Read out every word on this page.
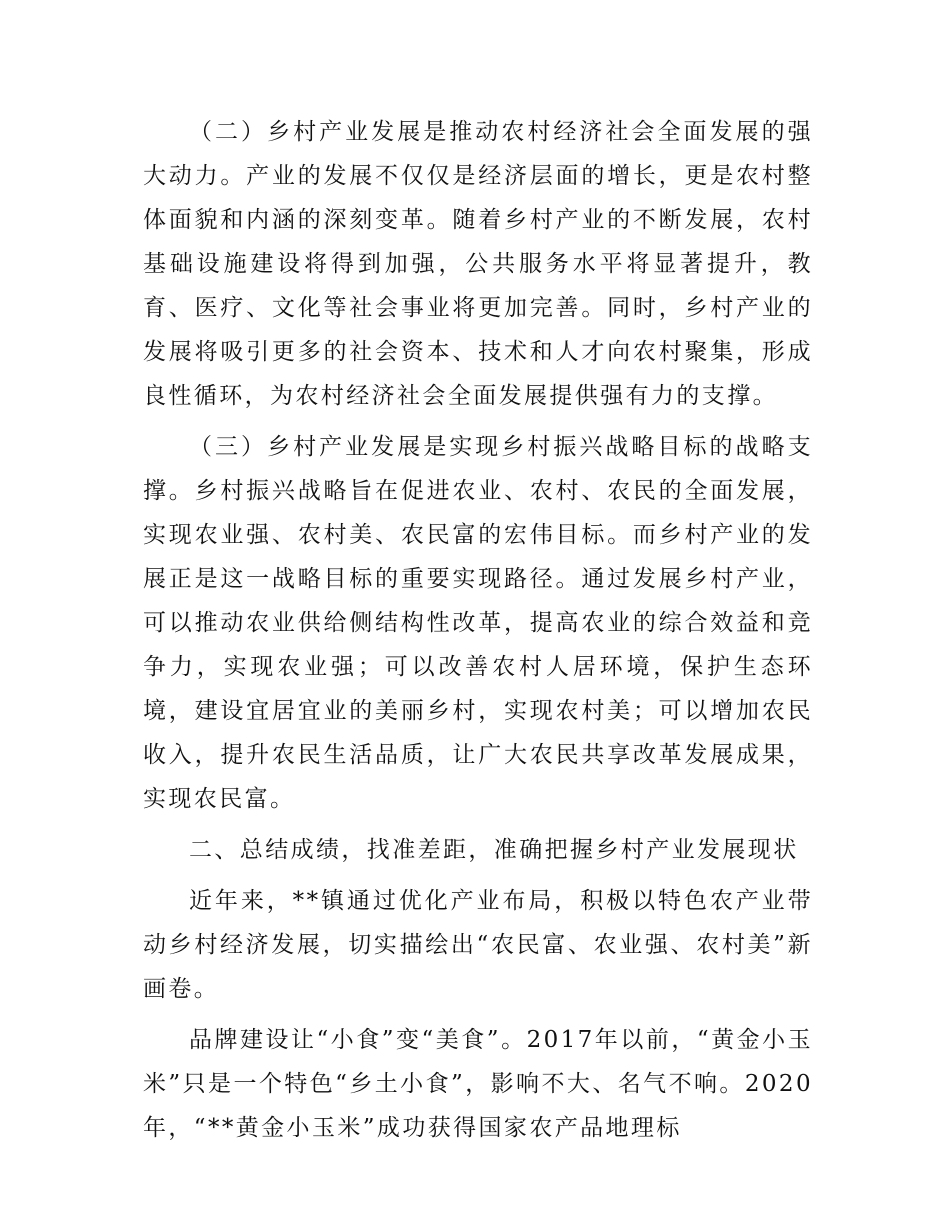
（二）乡村产业发展是推动农村经济社会全面发展的强大动力。产业的发展不仅仅是经济层面的增长，更是农村整体面貌和内涵的深刻变革。随着乡村产业的不断发展，农村基础设施建设将得到加强，公共服务水平将显著提升，教育、医疗、文化等社会事业将更加完善。同时，乡村产业的发展将吸引更多的社会资本、技术和人才向农村聚集，形成良性循环，为农村经济社会全面发展提供强有力的支撑。

（三）乡村产业发展是实现乡村振兴战略目标的战略支撑。乡村振兴战略旨在促进农业、农村、农民的全面发展，实现农业强、农村美、农民富的宏伟目标。而乡村产业的发展正是这一战略目标的重要实现路径。通过发展乡村产业，可以推动农业供给侧结构性改革，提高农业的综合效益和竞争力，实现农业强；可以改善农村人居环境，保护生态环境，建设宜居宜业的美丽乡村，实现农村美；可以增加农民收入，提升农民生活品质，让广大农民共享改革发展成果，实现农民富。

二、总结成绩，找准差距，准确把握乡村产业发展现状

近年来，**镇通过优化产业布局，积极以特色农产业带动乡村经济发展，切实描绘出“农民富、农业强、农村美”新画卷。

品牌建设让“小食”变“美食”。2017年以前，“黄金小玉米”只是一个特色“乡土小食”，影响不大、名气不响。2020年，“**黄金小玉米”成功获得国家农产品地理标
